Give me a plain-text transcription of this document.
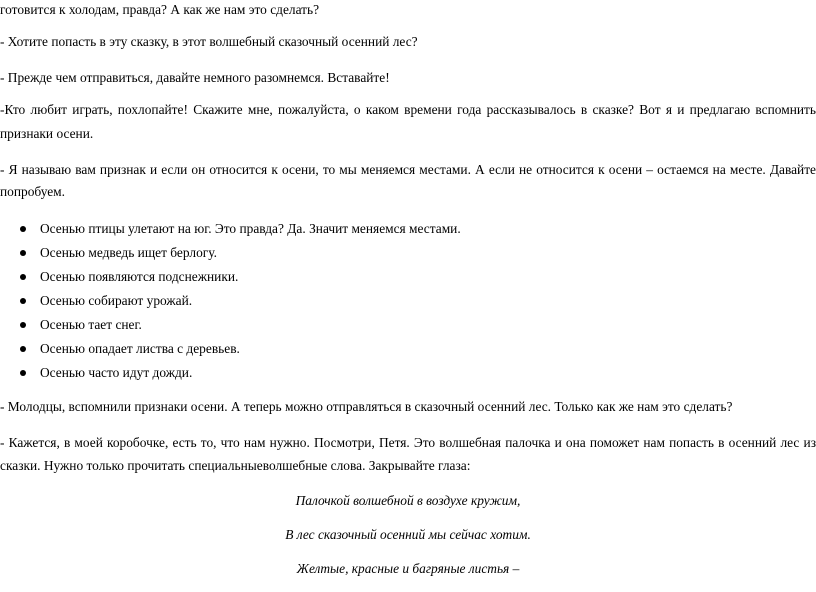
готовится к холодам, правда? А как же нам это сделать?
- Хотите попасть в эту сказку, в этот волшебный сказочный осенний лес?
- Прежде чем отправиться, давайте немного разомнемся. Вставайте!
-Кто любит играть, похлопайте! Скажите мне, пожалуйста, о каком времени года рассказывалось в сказке? Вот я и предлагаю вспомнить
признаки осени.
- Я называю вам признак и если он относится к осени, то мы меняемся местами. А если не относится к осени – остаемся на месте. Давайте
попробуем.
Осенью птицы улетают на юг. Это правда? Да. Значит меняемся местами.
Осенью медведь ищет берлогу.
Осенью появляются подснежники.
Осенью собирают урожай.
Осенью тает снег.
Осенью опадает листва с деревьев.
Осенью часто идут дожди.
- Молодцы, вспомнили признаки осени. А теперь можно отправляться в сказочный осенний лес. Только как же нам это сделать?
- Кажется, в моей коробочке, есть то, что нам нужно. Посмотри, Петя. Это волшебная палочка и она поможет нам попасть в осенний лес из
сказки. Нужно только прочитать специальныеволшебные слова. Закрывайте глаза:
Палочкой волшебной в воздухе кружим,
В лес сказочный осенний мы сейчас хотим.
Желтые, красные и багряные листья –
